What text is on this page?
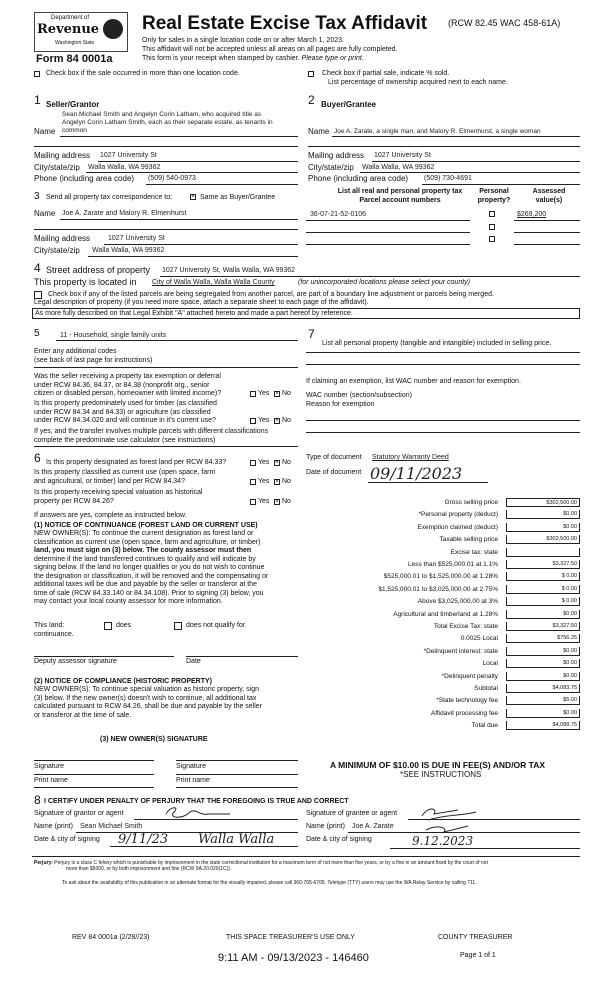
Department of
Revenue
Washington State
Form 84 0001a
Real Estate Excise Tax Affidavit (RCW 82.45 WAC 458-61A)
Only for sales in a single location code on or after March 1, 2023.
This affidavit will not be accepted unless all areas on all pages are fully completed.
This form is your receipt when stamped by cashier. Please type or print.
Check box if the sale occurred in more than one location code.	Check box if partial sale, indicate % sold.
List percentage of ownership acquired next to each name.
1 Seller/Grantor
Sean Michael Smith and Angelyn Corin Latham, who acquired title as
Angelyn Corin Latham Smith, each as their separate estate, as tenants in
Name common
Mailing address 1027 University St
City/state/zip Walla Walla, WA 99362
Phone (including area code) (509) 540-0973
2 Buyer/Grantee
Name Joe A. Zarate, a single man, and Malory R. Elmenhurst, a single woman
Mailing address 1027 University St
City/state/zip Walla Walla, WA 99362
Phone (including area code) (509) 730-4691
3 Send all property tax correspondence to:	× Same as Buyer/Grantee
Name Joe A. Zarate and Malory R. Elmenhurst
Mailing address	1027 University St
City/state/zip Walla Walla, WA 99362
List all real and personal property tax
Parcel account numbers
Personal
property?
Assessed
value(s)
36-07-21-52-0106	$269,200
4 Street address of property 1027 University St, Walla Walla, WA 99362
This property is located in City of Walla Walla, Walla Walla County	(for unincorporated locations please select your county)
Check box if any of the listed parcels are being segregated from another parcel, are part of a boundary line adjustment or parcels being merged.
Legal description of property (if you need more space, attach a separate sheet to each page of the affidavit).
As more fully described on that Legal Exhibit "A" attached hereto and made a part hereof by reference.
5	11 - Household, single family units
Enter any additional codes
(see back of last page for instructions)
Was the seller receiving a property tax exemption or deferral
under RCW 84.36, 84.37, or 84.38 (nonprofit org., senior
citizen or disabled person, homeowner with limited income)?	Yes × No
Is this property predominately used for timber (as classified
under RCW 84.34 and 84.33) or agriculture (as classified
under RCW 84.34.020 and will continue in it's current use?	Yes × No
If yes, and the transfer involves multiple parcels with different classifications
complete the predominate use calculator (see instructions)
6 Is this property designated as forest land per RCW 84.33?	Yes × No
Is this property classified as current use (open space, farm
and agricultural, or timber) land per RCW 84.34?	Yes × No
Is this property receiving special valuation as historical
property per RCW 84.26?	Yes × No
If answers are yes, complete as instructed below.
(1) NOTICE OF CONTINUANCE (FOREST LAND OR CURRENT USE)
NEW OWNER(S): To continue the current designation as forest land or
classification as current use (open space, farm and agriculture, or timber)
land, you must sign on (3) below. The county assessor must then
determine if the land transferred continues to qualify and will indicate by
signing below. If the land no longer qualifies or you do not wish to continue
the designation or classification, it will be removed and the compensating or
additional taxes will be due and payable by the seller or transferor at the
time of sale (RCW 84.33.140 or 84.34.108). Prior to signing (3) below, you
may contact your local county assessor for more information.
This land:
continuance.
does	does not qualify for
Deputy assessor signature	Date
(2) NOTICE OF COMPLIANCE (HISTORIC PROPERTY)
NEW OWNER(S): To continue special valuation as historic property, sign
(3) below. If the new owner(s) doesn't wish to continue, all additional tax
calculated pursuant to RCW 84.26, shall be due and payable by the seller
or transferor at the time of sale.
(3) NEW OWNER(S) SIGNATURE
Signature	Signature
Print name	Print name
7
List all personal property (tangible and intangible) included in selling price.
If claiming an exemption, list WAC number and reason for exemption.
WAC number (section/subsection)
Reason for exemption
Type of document Statutory Warranty Deed
Date of document 09/11/2023
Gross selling price	$302,500.00
*Personal property (deduct)	$0.00
Exemption claimed (deduct)	$0.00
Taxable selling price	$302,500.00
Excise tax: state
Less than $525,000.01 at 1.1%	$3,327.50
$525,000.01 to $1,525,000.00 at 1.28%	$ 0.00
$1,525,000.01 to $3,025,000.00 at 2.75%	$ 0.00
Above $3,025,000.00 at 3%	$ 0.00
Agricultural and timberland at 1.28%	$0.00
Total Excise Tax: state	$3,327.50
0.0025 Local	$756.25
*Delinquent interest: state	$0.00
Local	$0.00
*Delinquent penalty	$0.00
Subtotal	$4,083.75
*State technology fee	$5.00
Affidavit processing fee	$0.00
Total due	$4,088.75
A MINIMUM OF $10.00 IS DUE IN FEE(S) AND/OR TAX
*SEE INSTRUCTIONS
8 I CERTIFY UNDER PENALTY OF PERJURY THAT THE FOREGOING IS TRUE AND CORRECT
Signature of grantor or agent
Name (print) Sean Michael Smith
Date & city of signing 9/11/23 Walla Walla
Signature of grantee or agent
Name (print) Joe A. Zarate
Date & city of signing	9.12.2023
Perjury: Perjury is a class C felony which is punishable by imprisonment in the state correctional institution for a maximum term of not more than five years, or by a fine in an amount fixed by the court of not
more than $5000, or by both imprisonment and fine (RCW 9A.20.020(1C)).
To ask about the availability of this publication in an alternate format for the visually impaired, please call 360-705-6705. Teletype (TTY) users may use the WA Relay Service by calling 711.
REV 84 0001a (2/28//23)	THIS SPACE TREASURER'S USE ONLY	COUNTY TREASURER
9:11 AM - 09/13/2023 - 146460	Page 1 of 1
